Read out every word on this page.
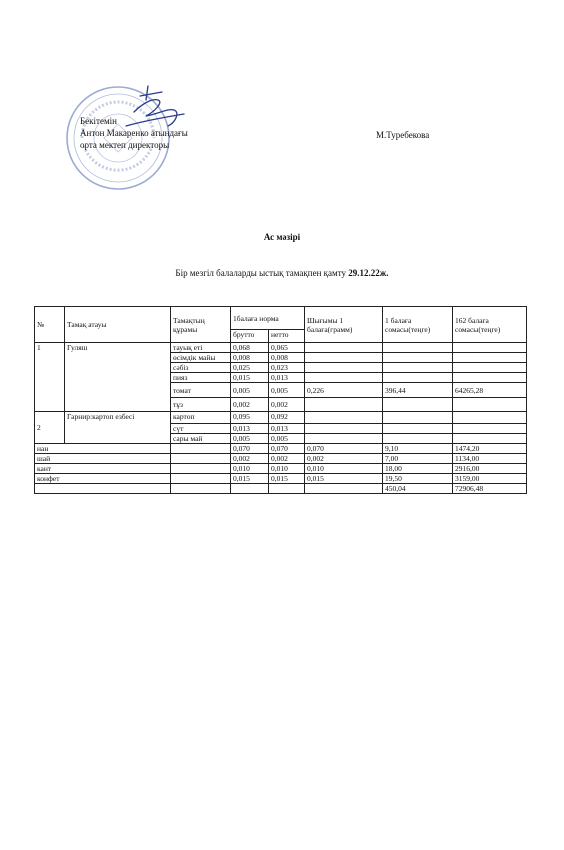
Бекітемін
Антон Макаренко атындағы
орта мектеп директоры
М.Туребекова
Ас мәзірі
Бір мезгіл балаларды ыстық тамақпен қамту 29.12.22ж.
№	Тамақ атауы	Тамақтың құрамы	1балаға норма		Шығымы 1 балаға(грамм)	1 балаға сомасы(теңге)	162 балаға сомасы(теңге)
			брутто	нетто			
1	Гуляш	тауық еті	0,068	0,065			
		өсімдік майы	0,008	0,008			
		сәбіз	0,025	0,023			
		пияз	0,015	0,013			
		томат	0,005	0,005	0,226	396,44	64265,28
		тұз	0,002	0,002			
2	Гарнир:картоп езбесі	картоп	0,095	0,092			
		сүт	0,013	0,013			
		сары май	0,005	0,005			
нан			0,070	0,070	0,070	9,10	1474,20
шай			0,002	0,002	0,002	7,00	1134,00
кант			0,010	0,010	0,010	18,00	2916,00
конфет			0,015	0,015	0,015	19,50	3159,00
						450,04	72906,48
